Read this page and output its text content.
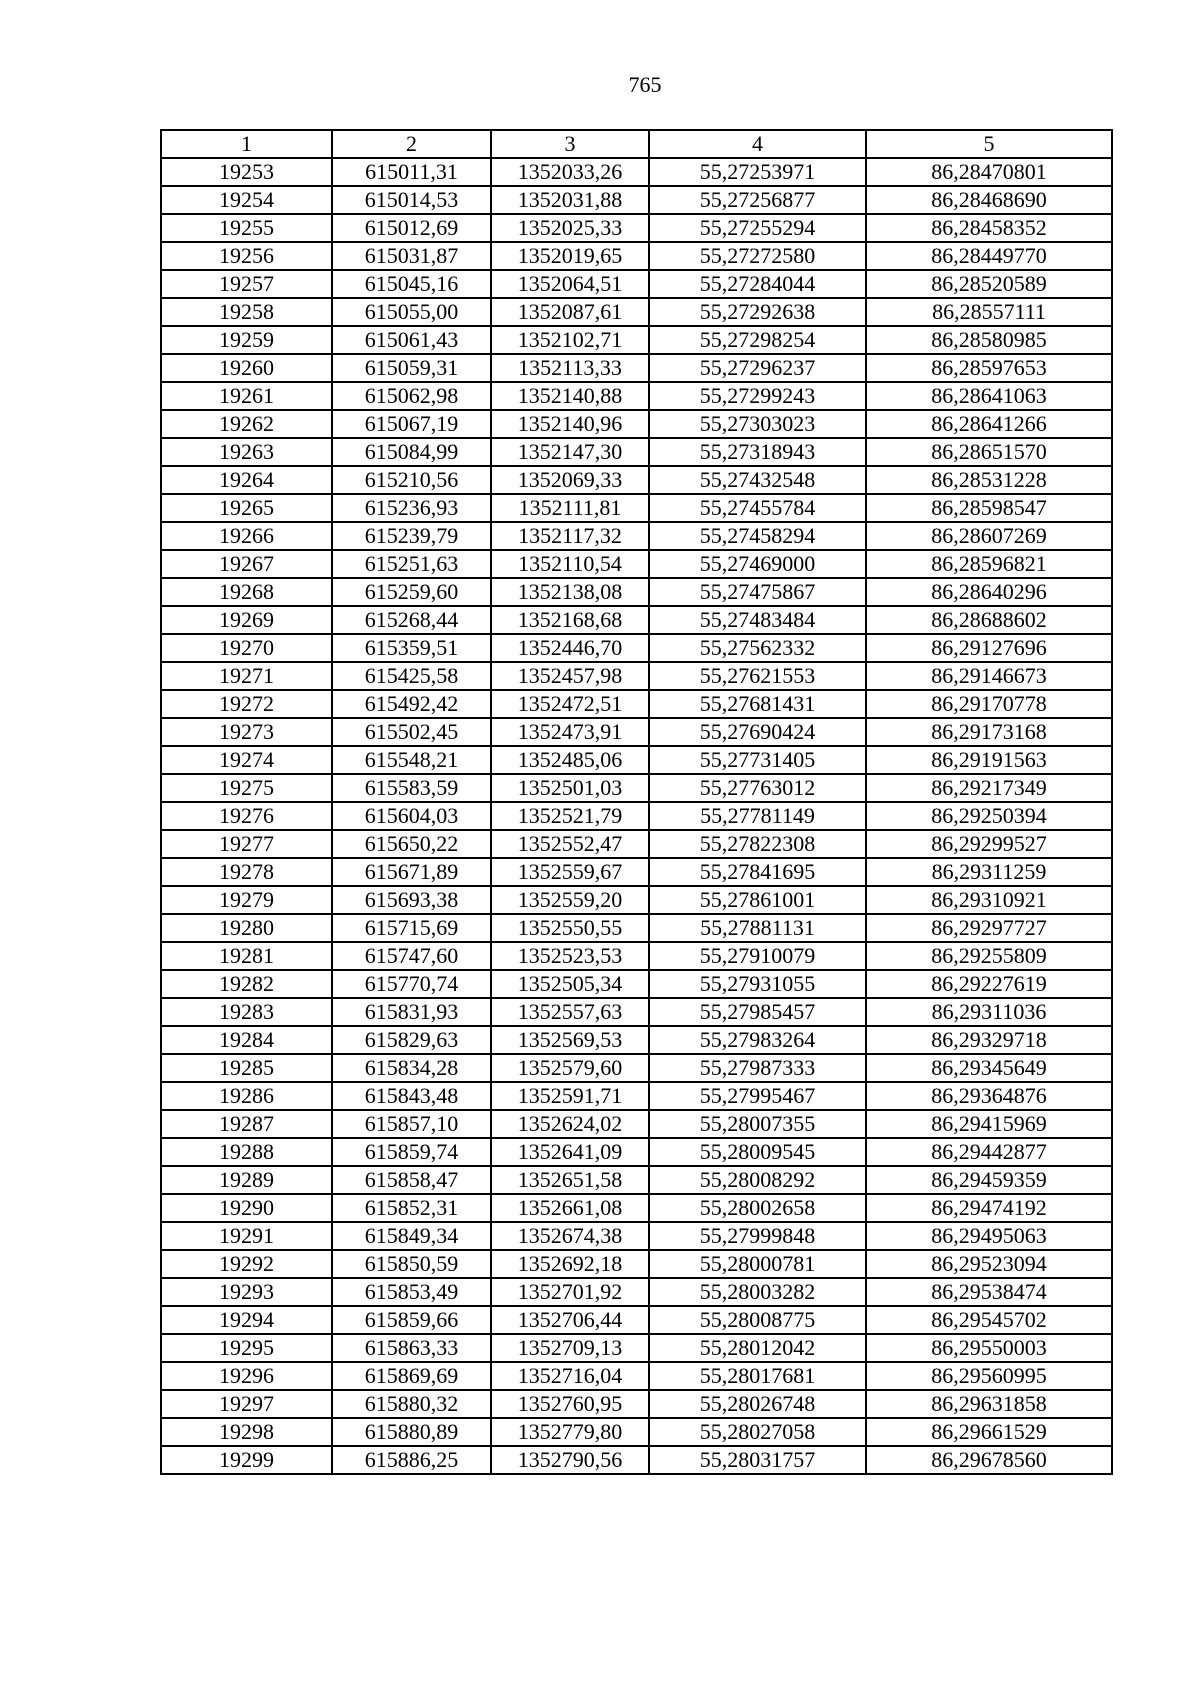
765
1	2	3	4	5
19253	615011,31	1352033,26	55,27253971	86,28470801
19254	615014,53	1352031,88	55,27256877	86,28468690
19255	615012,69	1352025,33	55,27255294	86,28458352
19256	615031,87	1352019,65	55,27272580	86,28449770
19257	615045,16	1352064,51	55,27284044	86,28520589
19258	615055,00	1352087,61	55,27292638	86,28557111
19259	615061,43	1352102,71	55,27298254	86,28580985
19260	615059,31	1352113,33	55,27296237	86,28597653
19261	615062,98	1352140,88	55,27299243	86,28641063
19262	615067,19	1352140,96	55,27303023	86,28641266
19263	615084,99	1352147,30	55,27318943	86,28651570
19264	615210,56	1352069,33	55,27432548	86,28531228
19265	615236,93	1352111,81	55,27455784	86,28598547
19266	615239,79	1352117,32	55,27458294	86,28607269
19267	615251,63	1352110,54	55,27469000	86,28596821
19268	615259,60	1352138,08	55,27475867	86,28640296
19269	615268,44	1352168,68	55,27483484	86,28688602
19270	615359,51	1352446,70	55,27562332	86,29127696
19271	615425,58	1352457,98	55,27621553	86,29146673
19272	615492,42	1352472,51	55,27681431	86,29170778
19273	615502,45	1352473,91	55,27690424	86,29173168
19274	615548,21	1352485,06	55,27731405	86,29191563
19275	615583,59	1352501,03	55,27763012	86,29217349
19276	615604,03	1352521,79	55,27781149	86,29250394
19277	615650,22	1352552,47	55,27822308	86,29299527
19278	615671,89	1352559,67	55,27841695	86,29311259
19279	615693,38	1352559,20	55,27861001	86,29310921
19280	615715,69	1352550,55	55,27881131	86,29297727
19281	615747,60	1352523,53	55,27910079	86,29255809
19282	615770,74	1352505,34	55,27931055	86,29227619
19283	615831,93	1352557,63	55,27985457	86,29311036
19284	615829,63	1352569,53	55,27983264	86,29329718
19285	615834,28	1352579,60	55,27987333	86,29345649
19286	615843,48	1352591,71	55,27995467	86,29364876
19287	615857,10	1352624,02	55,28007355	86,29415969
19288	615859,74	1352641,09	55,28009545	86,29442877
19289	615858,47	1352651,58	55,28008292	86,29459359
19290	615852,31	1352661,08	55,28002658	86,29474192
19291	615849,34	1352674,38	55,27999848	86,29495063
19292	615850,59	1352692,18	55,28000781	86,29523094
19293	615853,49	1352701,92	55,28003282	86,29538474
19294	615859,66	1352706,44	55,28008775	86,29545702
19295	615863,33	1352709,13	55,28012042	86,29550003
19296	615869,69	1352716,04	55,28017681	86,29560995
19297	615880,32	1352760,95	55,28026748	86,29631858
19298	615880,89	1352779,80	55,28027058	86,29661529
19299	615886,25	1352790,56	55,28031757	86,29678560
